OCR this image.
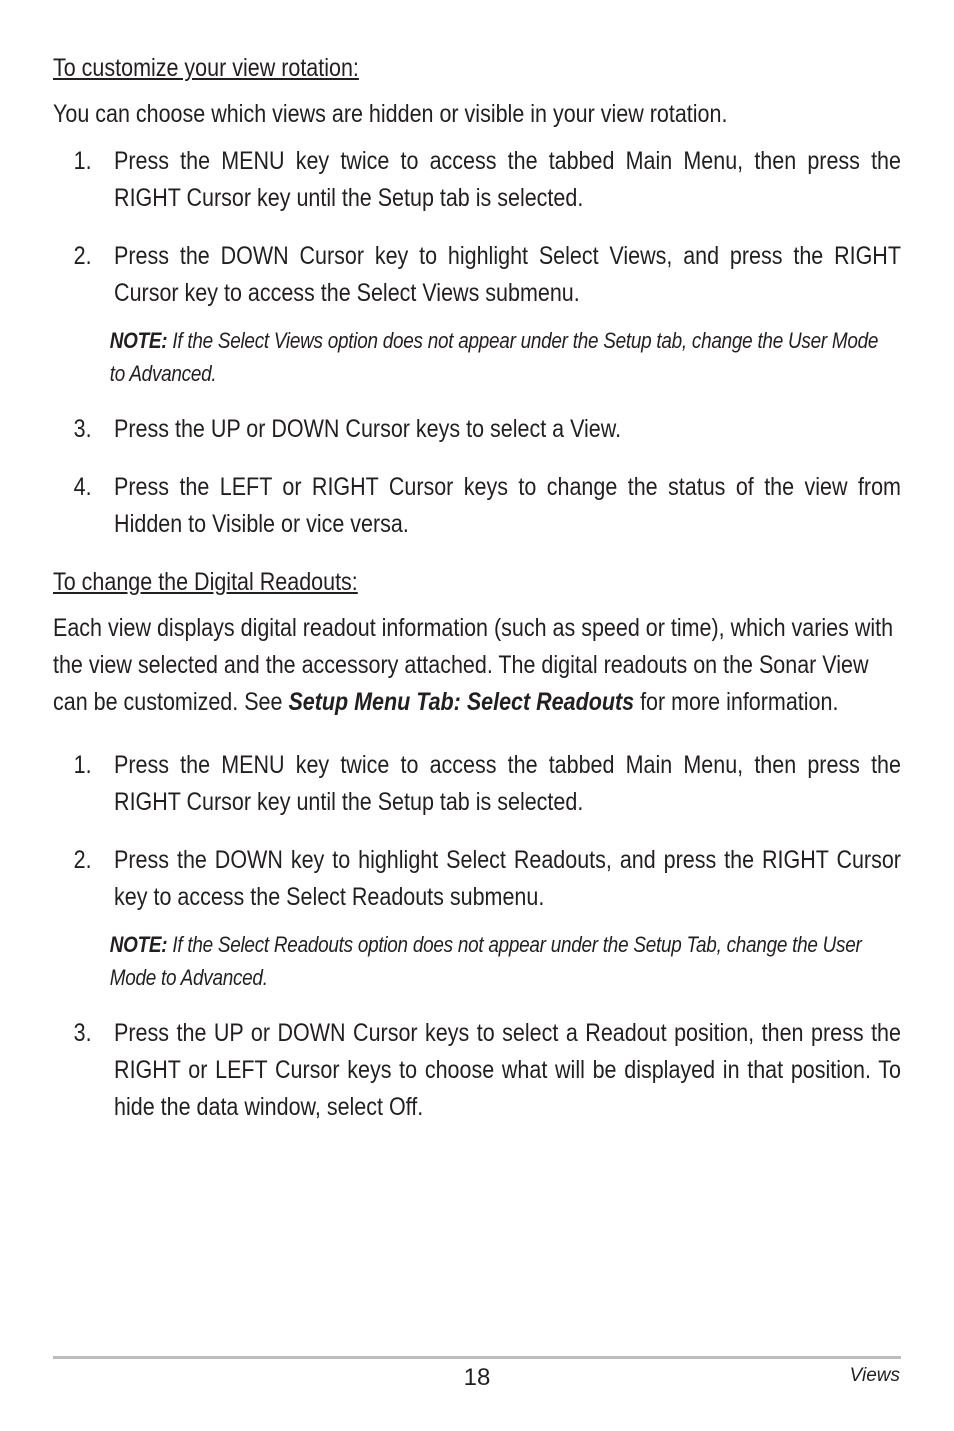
To customize your view rotation:

You can choose which views are hidden or visible in your view rotation.

1. Press the MENU key twice to access the tabbed Main Menu, then press the RIGHT Cursor key until the Setup tab is selected.
2. Press the DOWN Cursor key to highlight Select Views, and press the RIGHT Cursor key to access the Select Views submenu.
NOTE: If the Select Views option does not appear under the Setup tab, change the User Mode to Advanced.
3. Press the UP or DOWN Cursor keys to select a View.
4. Press the LEFT or RIGHT Cursor keys to change the status of the view from Hidden to Visible or vice versa.

To change the Digital Readouts:

Each view displays digital readout information (such as speed or time), which varies with the view selected and the accessory attached. The digital readouts on the Sonar View can be customized. See Setup Menu Tab: Select Readouts for more information.

1. Press the MENU key twice to access the tabbed Main Menu, then press the RIGHT Cursor key until the Setup tab is selected.
2. Press the DOWN key to highlight Select Readouts, and press the RIGHT Cursor key to access the Select Readouts submenu.
NOTE: If the Select Readouts option does not appear under the Setup Tab, change the User Mode to Advanced.
3. Press the UP or DOWN Cursor keys to select a Readout position, then press the RIGHT or LEFT Cursor keys to choose what will be displayed in that position. To hide the data window, select Off.
18	Views
